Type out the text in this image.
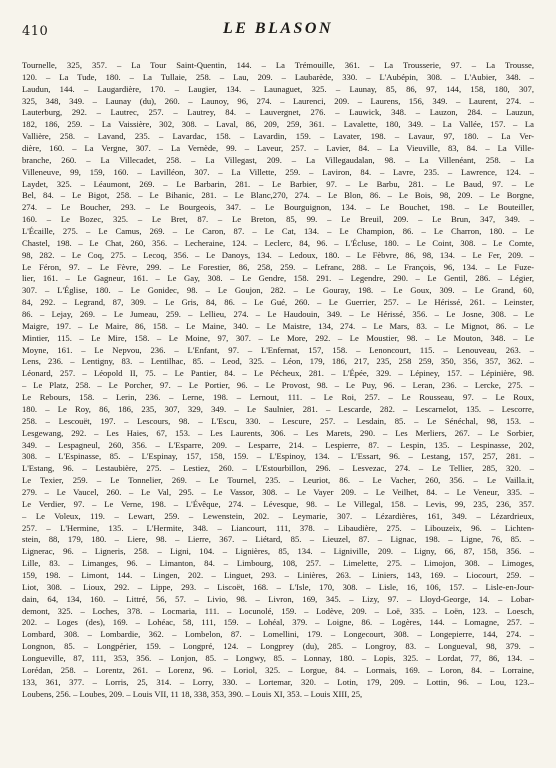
410	LE BLASON
Tournelle, 325, 357. – La Tour Saint-Quentin, 144. – La Trémouille, 361. – La Trousserie, 97. – La Trousse,
120. – La Tude, 180. – La Tullaie, 258. – Lau, 209. – Laubarède, 330. – L'Aubépin, 308. – L'Aubier, 348. –
Laudun, 144. – Laugardière, 170. – Laugier, 134. – Launaguet, 325. – Launay, 85, 86, 97, 144, 158, 180, 307,
325, 348, 349. – Launay (du), 260. – Launoy, 96, 274. – Laurenci, 209. – Laurens, 156, 349. – Laurent, 274. –
Lauterburg, 292. – Lautrec, 257. – Lautrey, 84. – Lauvergnet, 276. – Lauwick, 348. – Lauzon, 284. – Lauzun,
182, 186, 259. – La Vaissière, 302, 308. – Laval, 86, 209, 259, 361. – Lavalette, 180, 349. – La Vallée, 157. – La
Vallière, 258. – Lavand, 235. – Lavardac, 158. – Lavardin, 159. – Lavater, 198. – Lavaur, 97, 180. – La Ver-
dière, 160. – La Vergne, 307. – La Vernède, 99. – Laveur, 257. – Lavier, 84. – La Vieuville, 83, 84. – La Ville-
branche, 260. – La Villecadet, 258. – La Villegast, 209. – La Villegaudalan, 98. – La Villenéant, 258. – La
Villeneuve, 99, 159, 160. – Lavilléon, 307. – La Villette, 259. – Laviron, 84. – Lavre, 235. – Lawrence, 124. –
Laydet, 325. – Léaumont, 269. – Le Barbarin, 281. – Le Barbier, 97. – Le Barbu, 281. – Le Baud, 97. – Le
Bel, 84. – Le Bigot, 258. – Le Bihanic, 281. – Le Blanc,270, 274. – Le Blon, 86. – Le Bois, 98, 209. – Le Borgne,
274. – Le Boucher, 293. – Le Bourgeois, 347. – Le Bourguignon, 134. – Le Bouchet, 198. – Le Bouteiller,
160. – Le Bozec, 325. – Le Bret, 87. – Le Breton, 85, 99. – Le Breuil, 209. – Le Brun, 347, 349. –
L'Écaille, 275. – Le Camus, 269. – Le Caron, 87. – Le Cat, 134. – Le Champion, 86. – Le Charron, 180. – Le
Chastel, 198. – Le Chat, 260, 356. – Lecheraine, 124. – Leclerc, 84, 96. – L'Écluse, 180. – Le Coint, 308. – Le Comte,
98, 282. – Le Coq, 275. – Lecoq, 356. – Le Danoys, 134. – Ledoux, 180. – Le Fèbvre, 86, 98, 134. – Le Fer, 209. –
Le Féron, 97. – Le Fèvre, 299. – Le Forestier, 86, 258, 259. – Lefranc, 288. – Le François, 96, 134. – Le Fuze-
lier, 161. – Le Gagneur, 161. – Le Gay, 308. – Le Gendre, 158. 291. – Legendre, 290. – Le Gentil, 286. – Légier,
307. – L'Église, 180. – Le Gonidec, 98. – Le Goujon, 282. – Le Gouray, 198. – Le Goux, 309. – Le Grand, 60,
84, 292. – Legrand, 87, 309. – Le Gris, 84, 86. – Le Gué, 260. – Le Guerrier, 257. – Le Hérissé, 261. – Leinster,
86. – Lejay, 269. – Le Jumeau, 259. – Lellieu, 274. – Le Haudouin, 349. – Le Hérissé, 356. – Le Josne, 308. – Le
Maigre, 197. – Le Maire, 86, 158. – Le Maine, 340. – Le Maistre, 134, 274. – Le Mars, 83. – Le Mignot, 86. – Le
Mintier, 115. – Le Mire, 158. – Le Moine, 97, 307. – Le More, 292. – Le Moustier, 98. – Le Mouton, 348. – Le
Moyne, 161. – Le Nepvou, 236. – L'Enfant, 97. – L'Enfernat, 157, 158. – Lenoncourt, 115. – Lenouveau, 263. –
Lens, 236. – Lentigny, 83. – Lentilhac, 85. – Leod, 325. – Léon, 179, 186, 217, 235, 258 259, 350, 356, 357, 362. –
Léonard, 257. – Léopold II, 75. – Le Pantier, 84. – Le Pécheux, 281. – L'Épée, 329. – Lépiney, 157. – Lépinière, 98.
– Le Platz, 258. – Le Porcher, 97. – Le Portier, 96. – Le Provost, 98. – Le Puy, 96. – Leran, 236. – Lercke, 275. –
Le Rebours, 158. – Lerin, 236. – Lerne, 198. – Lernout, 111. – Le Roi, 257. – Le Rousseau, 97. – Le Roux,
180. – Le Roy, 86, 186, 235, 307, 329, 349. – Le Saulnier, 281. – Lescarde, 282. – Lescarnelot, 135. – Lescorre,
258. – Lescouët, 197. – Lescours, 98. – L'Escu, 330. – Lescure, 257. – Lesdain, 85. – Le Sénéchal, 98, 153. –
Lesgewang, 292. – Les Haies, 67, 153. – Les Laurents, 306. – Les Marets, 290. – Les Merliers, 267. – Le Sorbier,
349. – Lespagneul, 260, 356. – L'Esparre, 209. – Lesparre, 214. – Lespierre, 87. – Lespin, 135. – Lespinasse, 202,
308. – L'Espinasse, 85. – L'Espinay, 157, 158, 159. – L'Espinoy, 134. – L'Essart, 96. – Lestang, 157, 257, 281. –
L'Estang, 96. – Lestaubière, 275. – Lestiez, 260. – L'Estourbillon, 296. – Lesvezac, 274. – Le Tellier, 285, 320. –
Le Texier, 259. – Le Tonnelier, 269. – Le Tournel, 235. – Leuriot, 86. – Le Vacher, 260, 356. – Le Vailla.it,
279. – Le Vaucel, 260. – Le Val, 295. – Le Vassor, 308. – Le Vayer 209. – Le Veilhet, 84. – Le Veneur, 335. –
Le Verdier, 97. – Le Verne, 198. – L'Évêque, 274. – Lévesque, 98. – Le Villegal, 158. – Levis, 99, 235, 236, 357.
– Le Voleux, 119. – Lewart, 259. – Lewenstein, 202. – Leymarie, 307. – Lézardières, 161, 349. – Lézardrieux,
257. – L'Hermine, 135. – L'Hermite, 348. – Liancourt, 111, 378. – Libaudière, 275. – Libouzeix, 96. – Lichten-
stein, 88, 179, 180. – Liere, 98. – Lierre, 367. – Liétard, 85. – Lieuzel, 87. – Lignac, 198. – Ligne, 76, 85. –
Lignerac, 96. – Ligneris, 258. – Ligni, 104. – Lignières, 85, 134. – Ligniville, 209. – Ligny, 66, 87, 158, 356. –
Lille, 83. – Limanges, 96. – Limanton, 84. – Limbourg, 108, 257. – Limelette, 275. – Limojon, 308. – Limoges,
159, 198. – Limont, 144. – Lingen, 202. – Linguet, 293. – Linières, 263. – Liniers, 143, 169. – Liocourt, 259. –
Liot, 308. – Lioux, 292. – Lippe, 293. – Liscoët, 168. – L'Isle, 170, 308. – Lisle, 16, 106, 157. – Lisle-en-Jour-
dain, 64, 134, 160. – Littré, 56, 57. – Livio, 98. – Livron, 169, 345. – Lizy, 97. – Lloyd-George, 14. – Lobar-
demont, 325. – Loches, 378. – Locmaria, 111. – Locunolé, 159. – Lodève, 209. – Loë, 335. – Loën, 123. – Loesch,
202. – Loges (des), 169. – Lohéac, 58, 111, 159. – Lohéal, 379. – Loigne, 86. – Logères, 144. – Lomagne, 257. –
Lombard, 308. – Lombardie, 362. – Lombelon, 87. – Lomellini, 179. – Longecourt, 308. – Longepierre, 144, 274. –
Longnon, 85. – Longpérier, 159. – Longpré, 124. – Longprey (du), 285. – Longroy, 83. – Longueval, 98, 379. –
Longueville, 87, 111, 353, 356. – Lonjon, 85. – Longwy, 85. – Lonnay, 180. – Lopis, 325. – Lordat, 77, 86, 134. –
Lorédan, 258. – Lorentz, 261. – Lorenz, 96. – Loriol, 325. – Lorgue, 84. – Lormais, 169. – Loron, 84. – Lorraine,
133, 361, 377. – Lorris, 25, 314. – Lorry, 330. – Lortemar, 320. – Lotin, 179, 209. – Lottin, 96. – Lou, 123.–
Loubens, 256. – Loubes, 209. – Louis VII, 11 18, 338, 353, 390. – Louis XI, 353. – Louis XIII, 25,
